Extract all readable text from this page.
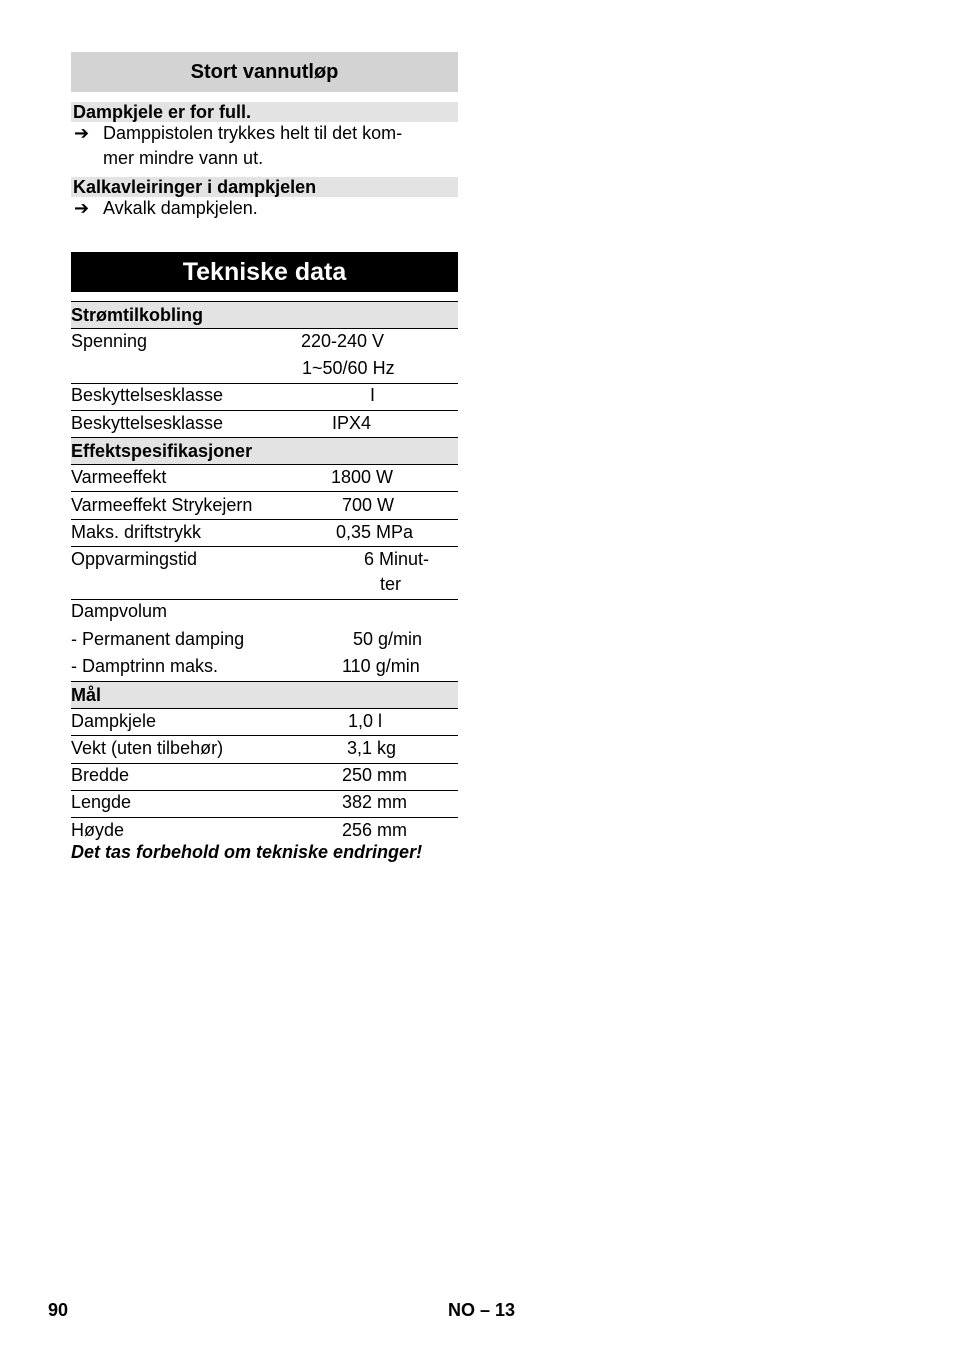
Stort vannutløp
Dampkjele er for full.
➔ Damppistolen trykkes helt til det kom-
mer mindre vann ut.
Kalkavleiringer i dampkjelen
➔ Avkalk dampkjelen.
Tekniske data
Strømtilkobling
Spenning	220-240 V
1~50/60 Hz
Beskyttelsesklasse	I
Beskyttelsesklasse	IPX4
Effektspesifikasjoner
Varmeeffekt	1800 W
Varmeeffekt Strykejern	700 W
Maks. driftstrykk	0,35 MPa
Oppvarmingstid	6 Minut-
ter
Dampvolum
- Permanent damping	50 g/min
- Damptrinn maks.	110 g/min
Mål
Dampkjele	1,0 l
Vekt (uten tilbehør)	3,1 kg
Bredde	250 mm
Lengde	382 mm
Høyde	256 mm
Det tas forbehold om tekniske endringer!
90	NO – 13
